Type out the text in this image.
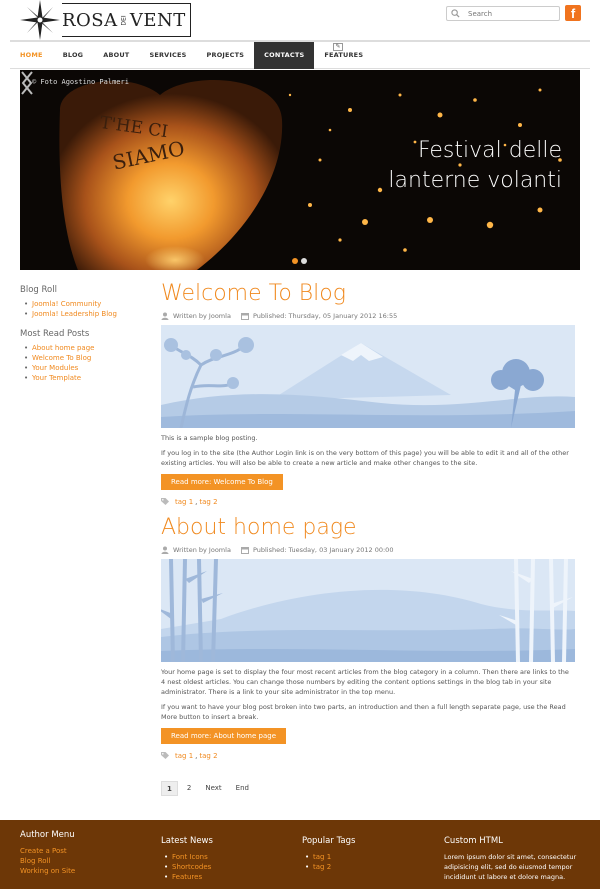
ROSA DEI VENT
Search	f
HOME	BLOG	ABOUT	SERVICES	PROJECTS	CONTACTS	FEATURES
✎
T'HE CI
SIAMO
© Foto Agostino Palmeri
Festival delle
lanterne volanti
Blog Roll
• Joomla! Community
• Joomla! Leadership Blog
Most Read Posts
• About home page
• Welcome To Blog
• Your Modules
• Your Template
Welcome To Blog
Written by Joomla	Published: Thursday, 05 January 2012 16:55
This is a sample blog posting.
If you log in to the site (the Author Login link is on the very bottom of this page) you will be able to edit it and all of the other existing articles. You will also be able to create a new article and make other changes to the site.
Read more: Welcome To Blog
tag 1 , tag 2
About home page
Written by Joomla	Published: Tuesday, 03 January 2012 00:00
Your home page is set to display the four most recent articles from the blog category in a column. Then there are links to the 4 nest oldest articles. You can change those numbers by editing the content options settings in the blog tab in your site administrator. There is a link to your site administrator in the top menu.
If you want to have your blog post broken into two parts, an introduction and then a full length separate page, use the Read More button to insert a break.
Read more: About home page
tag 1 , tag 2
1	2	Next	End
Author Menu
Create a Post
Blog Roll
Working on Site
Latest News
• Font Icons
• Shortcodes
• Features
Popular Tags
• tag 1
• tag 2
Custom HTML
Lorem ipsum dolor sit amet, consectetur adipisicing elit, sed do eiusmod tempor incididunt ut labore et dolore magna.
